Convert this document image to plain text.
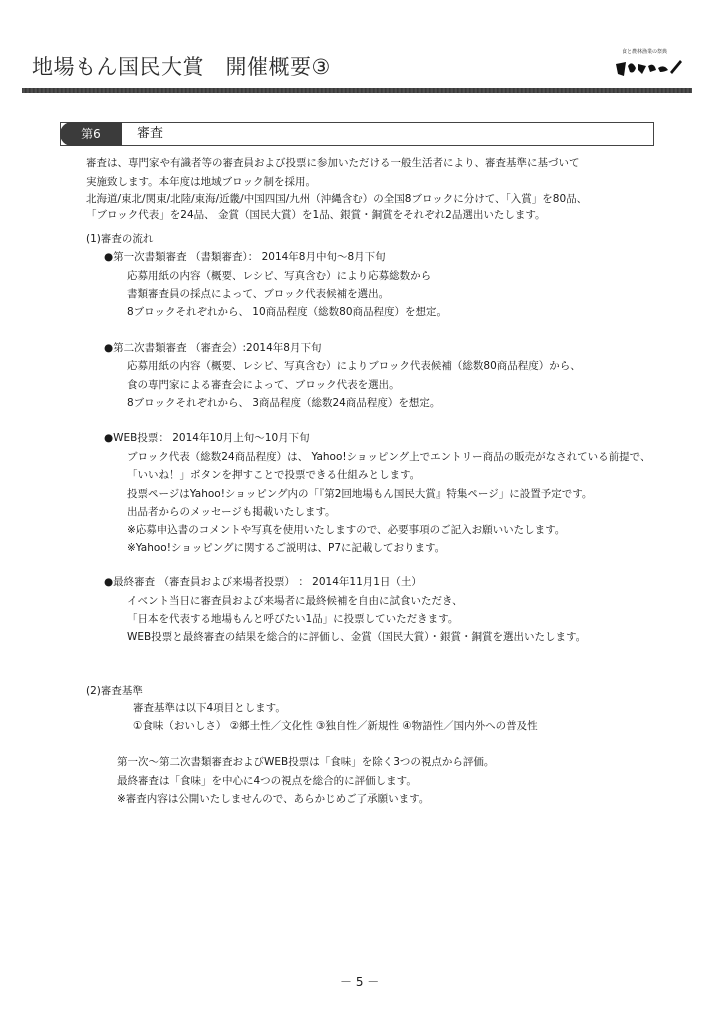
地場もん国民大賞　開催概要③
食と農林漁業の祭典
第6	審査
審査は、専門家や有識者等の審査員および投票に参加いただける一般生活者により、審査基準に基づいて
実施致します。本年度は地域ブロック制を採用。
北海道/東北/関東/北陸/東海/近畿/中国四国/九州（沖縄含む）の全国8ブロックに分けて、「入賞」を80品、
「ブロック代表」を24品、 金賞（国民大賞）を1品、銀賞・銅賞をそれぞれ2品選出いたします。
(1)審査の流れ
●第一次書類審査 （書類審査）： 2014年8月中旬～8月下旬
応募用紙の内容（概要、レシピ、写真含む）により応募総数から
書類審査員の採点によって、ブロック代表候補を選出。
8ブロックそれぞれから、 10商品程度（総数80商品程度）を想定。
●第二次書類審査 （審査会）:2014年8月下旬
応募用紙の内容（概要、レシピ、写真含む）によりブロック代表候補（総数80商品程度）から、
食の専門家による審査会によって、ブロック代表を選出。
8ブロックそれぞれから、 3商品程度（総数24商品程度）を想定。
●WEB投票： 2014年10月上旬～10月下旬
ブロック代表（総数24商品程度）は、 Yahoo!ショッピング上でエントリー商品の販売がなされている前提で、
「いいね！」ボタンを押すことで投票できる仕組みとします。
投票ページはYahoo!ショッピング内の「『第2回地場もん国民大賞』特集ページ」に設置予定です。
出品者からのメッセージも掲載いたします。
※応募申込書のコメントや写真を使用いたしますので、必要事項のご記入お願いいたします。
※Yahoo!ショッピングに関するご説明は、P7に記載しております。
●最終審査 （審査員および来場者投票） ： 2014年11月1日（土）
イベント当日に審査員および来場者に最終候補を自由に試食いただき、
「日本を代表する地場もんと呼びたい1品」に投票していただきます。
WEB投票と最終審査の結果を総合的に評価し、金賞（国民大賞）・銀賞・銅賞を選出いたします。
(2)審査基準
審査基準は以下4項目とします。
①食味（おいしさ） ②郷土性／文化性 ③独自性／新規性 ④物語性／国内外への普及性
第一次～第二次書類審査およびWEB投票は「食味」を除く3つの視点から評価。
最終審査は「食味」を中心に4つの視点を総合的に評価します。
※審査内容は公開いたしませんので、あらかじめご了承願います。
－ 5 －
